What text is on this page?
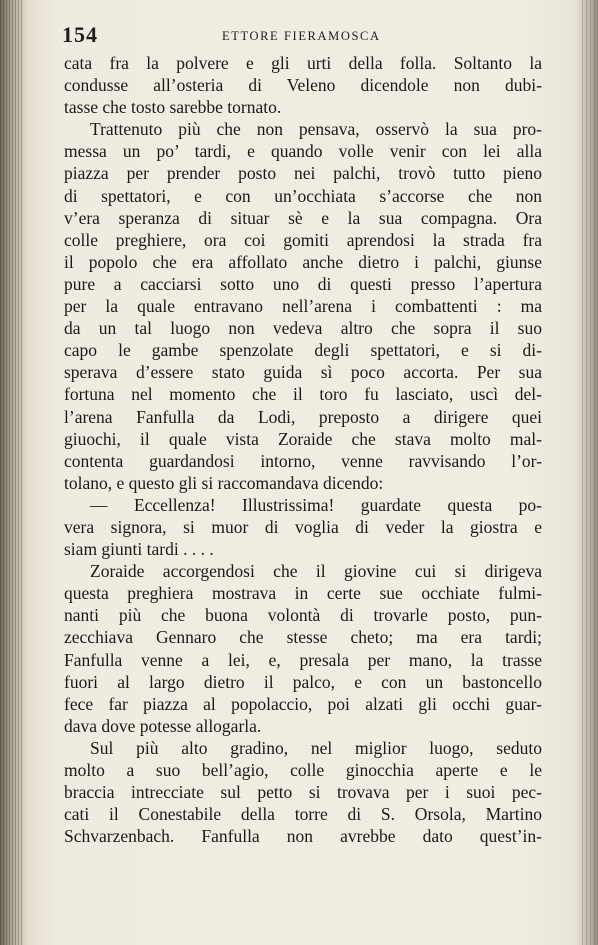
154	ETTORE FIERAMOSCA
cata fra la polvere e gli urti della folla. Soltanto la
condusse all’osteria di Veleno dicendole non dubi-
tasse che tosto sarebbe tornato.
Trattenuto più che non pensava, osservò la sua pro-
messa un po’ tardi, e quando volle venir con lei alla
piazza per prender posto nei palchi, trovò tutto pieno
di spettatori, e con un’occhiata s’accorse che non
v’era speranza di situar sè e la sua compagna. Ora
colle preghiere, ora coi gomiti aprendosi la strada fra
il popolo che era affollato anche dietro i palchi, giunse
pure a cacciarsi sotto uno di questi presso l’apertura
per la quale entravano nell’arena i combattenti : ma
da un tal luogo non vedeva altro che sopra il suo
capo le gambe spenzolate degli spettatori, e si di-
sperava d’essere stato guida sì poco accorta. Per sua
fortuna nel momento che il toro fu lasciato, uscì del-
l’arena Fanfulla da Lodi, preposto a dirigere quei
giuochi, il quale vista Zoraide che stava molto mal-
contenta guardandosi intorno, venne ravvisando l’or-
tolano, e questo gli si raccomandava dicendo:
— Eccellenza! Illustrissima! guardate questa po-
vera signora, si muor di voglia di veder la giostra e
siam giunti tardi . . . .
Zoraide accorgendosi che il giovine cui si dirigeva
questa preghiera mostrava in certe sue occhiate fulmi-
nanti più che buona volontà di trovarle posto, pun-
zecchiava Gennaro che stesse cheto; ma era tardi;
Fanfulla venne a lei, e, presala per mano, la trasse
fuori al largo dietro il palco, e con un bastoncello
fece far piazza al popolaccio, poi alzati gli occhi guar-
dava dove potesse allogarla.
Sul più alto gradino, nel miglior luogo, seduto
molto a suo bell’agio, colle ginocchia aperte e le
braccia intrecciate sul petto si trovava per i suoi pec-
cati il Conestabile della torre di S. Orsola, Martino
Schvarzenbach. Fanfulla non avrebbe dato quest’in-
